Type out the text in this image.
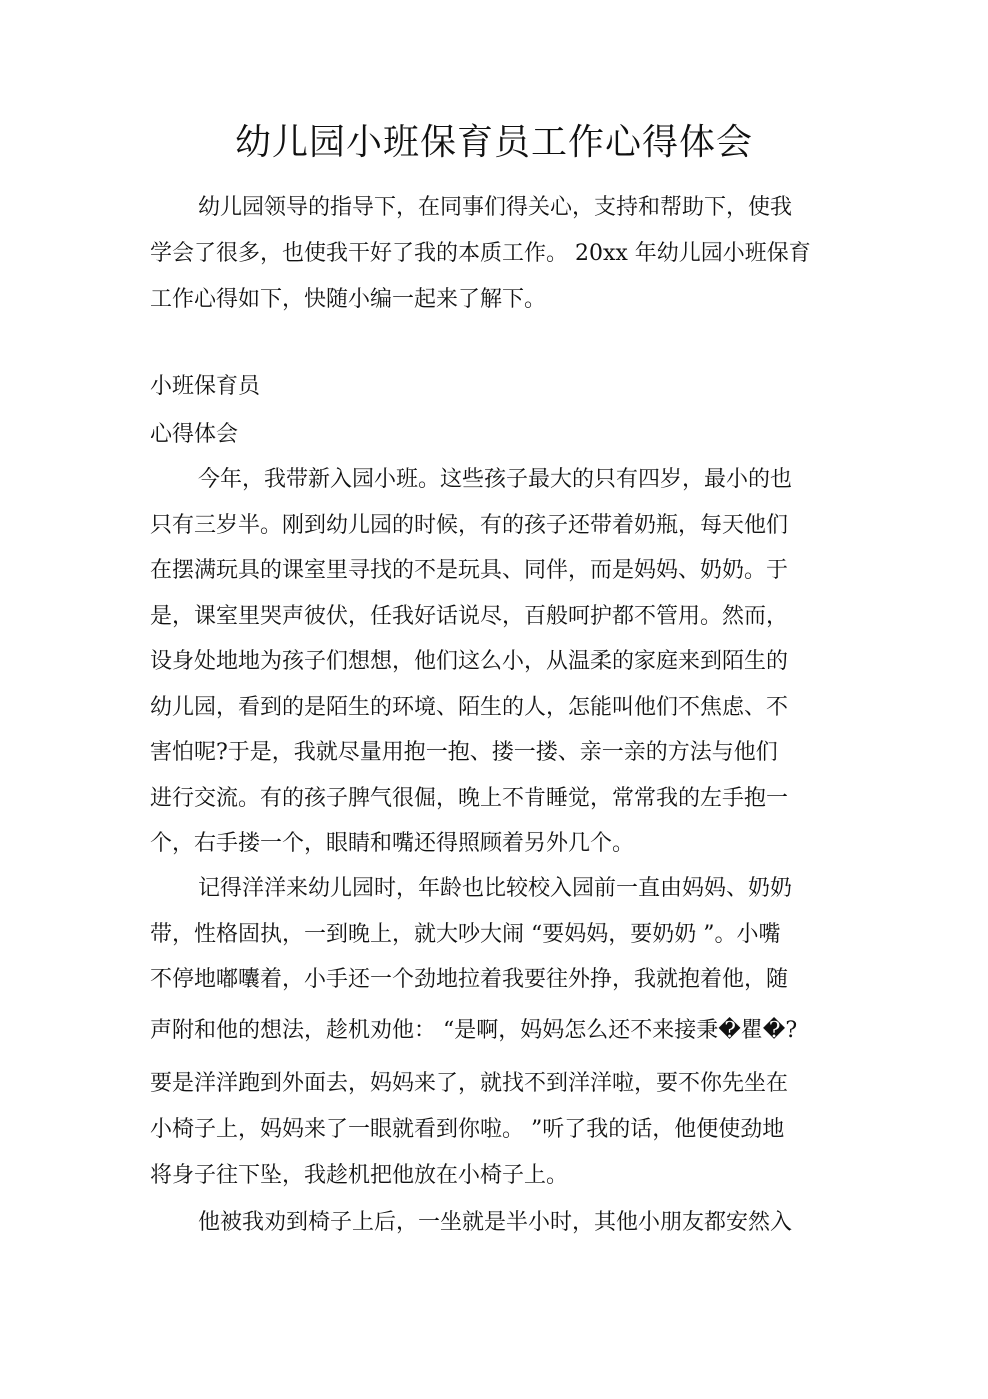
幼儿园小班保育员工作心得体会

幼儿园领导的指导下，在同事们得关心，支持和帮助下，使我

学会了很多，也使我干好了我的本质工作。 20xx 年幼儿园小班保育

工作心得如下，快随小编一起来了解下。

小班保育员

心得体会

今年，我带新入园小班。这些孩子最大的只有四岁，最小的也

只有三岁半。刚到幼儿园的时候，有的孩子还带着奶瓶，每天他们

在摆满玩具的课室里寻找的不是玩具、同伴，而是妈妈、奶奶。于

是，课室里哭声彼伏，任我好话说尽，百般呵护都不管用。然而，

设身处地地为孩子们想想，他们这么小，从温柔的家庭来到陌生的

幼儿园，看到的是陌生的环境、陌生的人，怎能叫他们不焦虑、不

害怕呢?于是，我就尽量用抱一抱、搂一搂、亲一亲的方法与他们

进行交流。有的孩子脾气很倔，晚上不肯睡觉，常常我的左手抱一

个，右手搂一个，眼睛和嘴还得照顾着另外几个。

记得洋洋来幼儿园时，年龄也比较校入园前一直由妈妈、奶奶

带，性格固执，一到晚上，就大吵大闹 “要妈妈，要奶奶 ”。小嘴

不停地嘟囔着，小手还一个劲地拉着我要往外挣，我就抱着他，随

声附和他的想法，趁机劝他： “是啊，妈妈怎么还不来接秉�瞿�?

要是洋洋跑到外面去，妈妈来了，就找不到洋洋啦，要不你先坐在

小椅子上，妈妈来了一眼就看到你啦。 ”听了我的话，他便使劲地

将身子往下坠，我趁机把他放在小椅子上。

他被我劝到椅子上后，一坐就是半小时，其他小朋友都安然入
